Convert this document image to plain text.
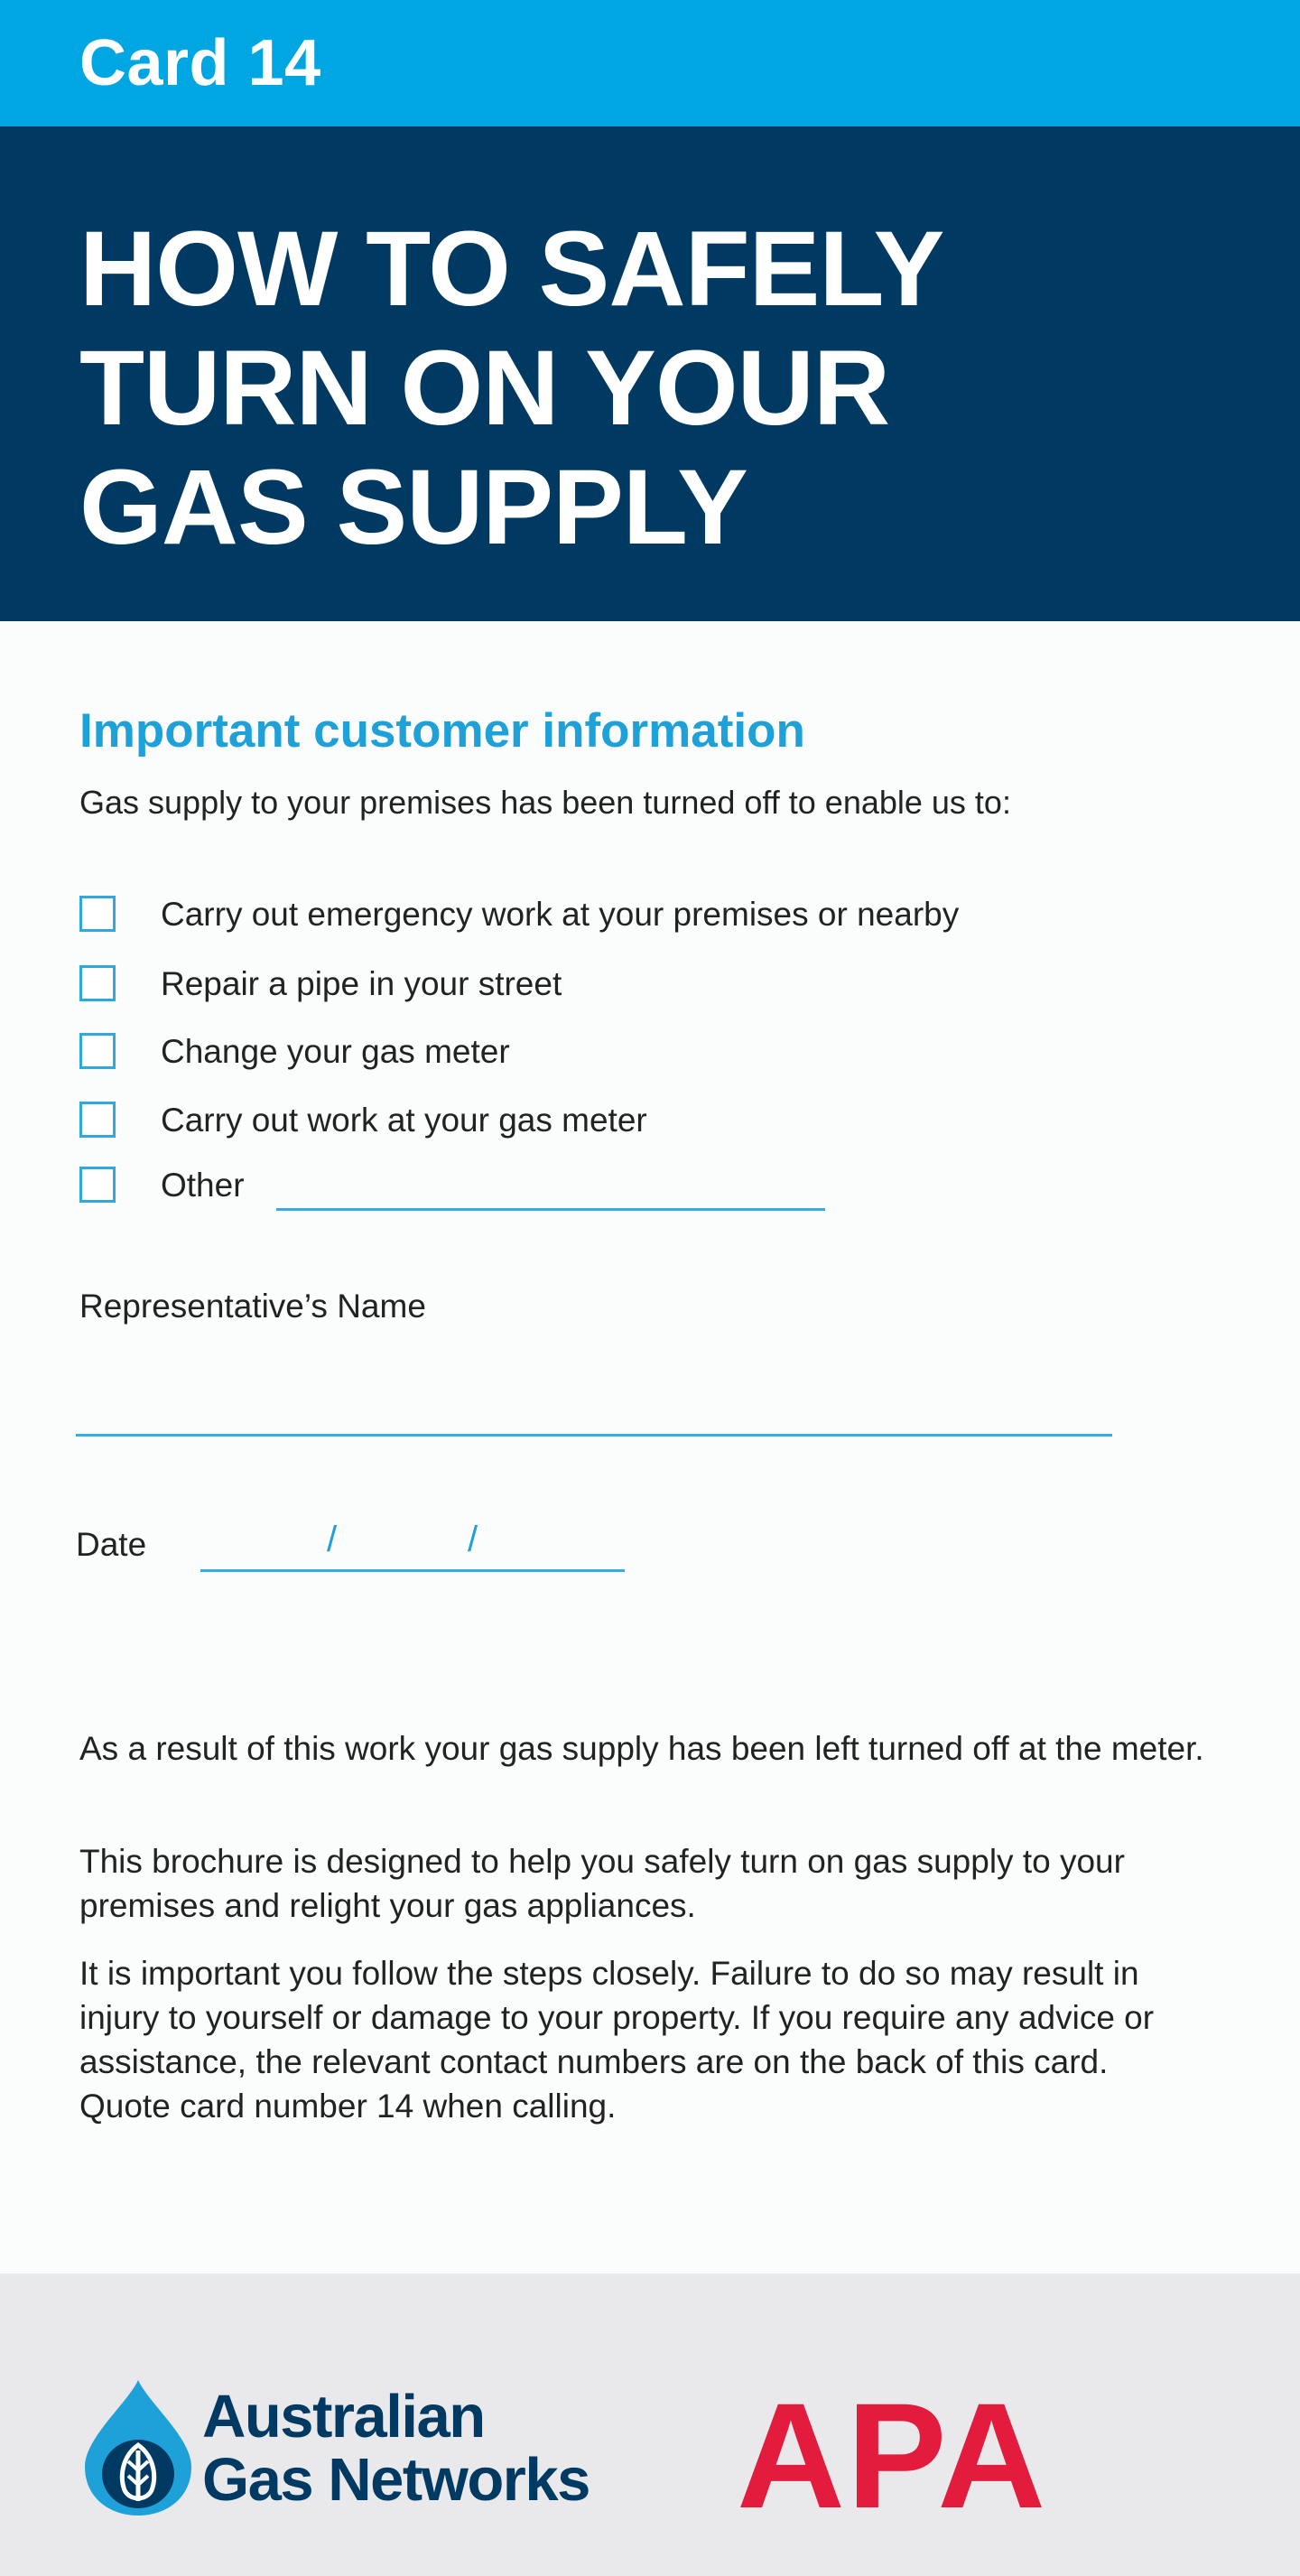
Card 14
HOW TO SAFELY
TURN ON YOUR
GAS SUPPLY
Important customer information
Gas supply to your premises has been turned off to enable us to:
Carry out emergency work at your premises or nearby
Repair a pipe in your street
Change your gas meter
Carry out work at your gas meter
Other
Representative’s Name
Date	/	/
As a result of this work your gas supply has been left turned off at the meter.
This brochure is designed to help you safely turn on gas supply to your premises and relight your gas appliances.
It is important you follow the steps closely. Failure to do so may result in injury to yourself or damage to your property. If you require any advice or assistance, the relevant contact numbers are on the back of this card. Quote card number 14 when calling.
Australian
Gas Networks APA
